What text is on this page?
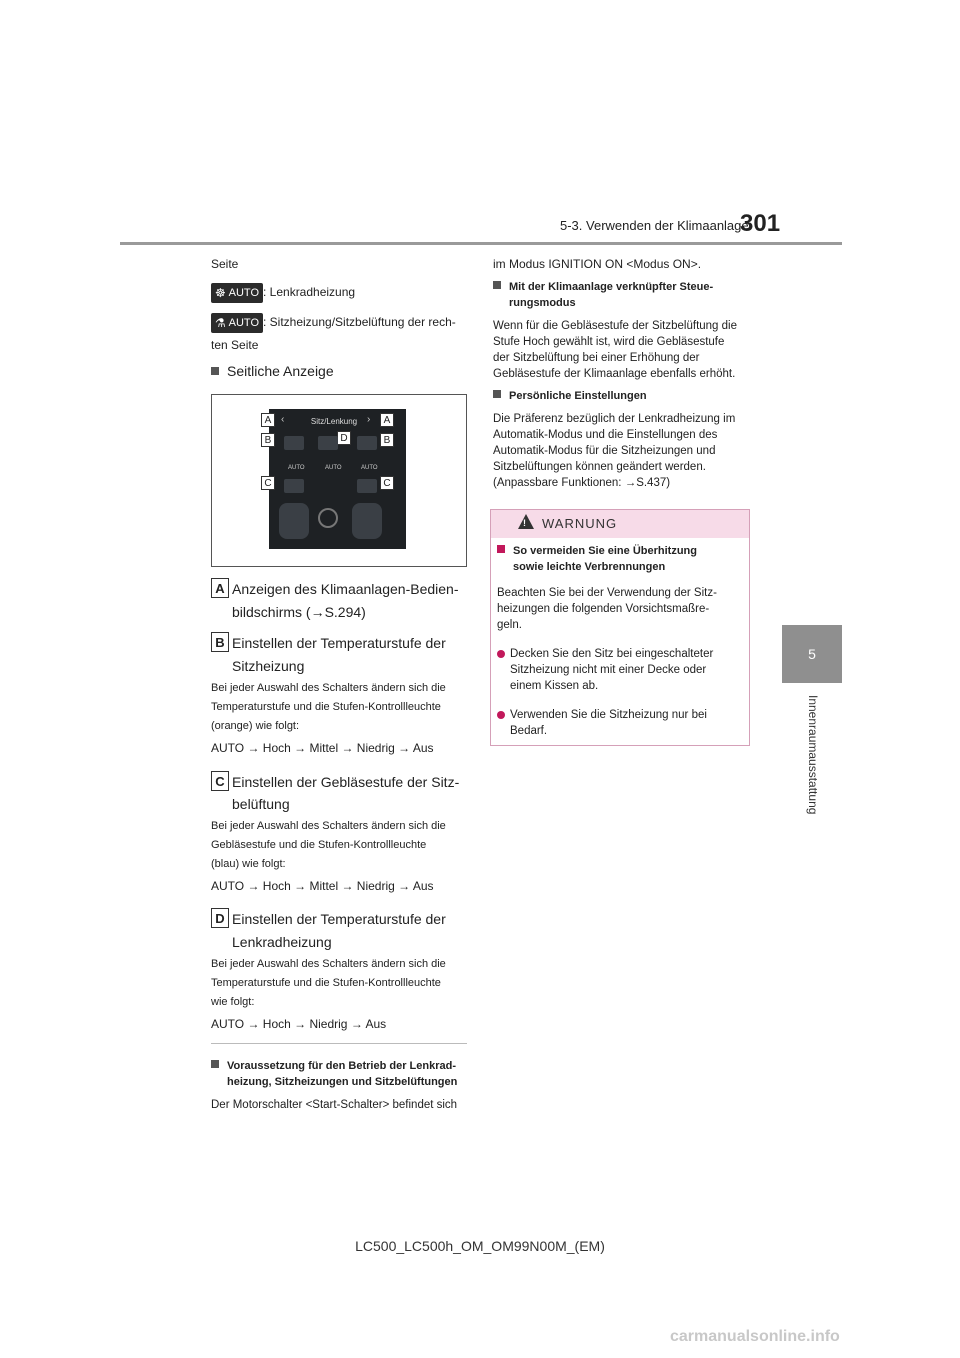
5-3. Verwenden der Klimaanlage
301
5
Innenraumausstattung
Seite
☸ AUTO : Lenkradheizung
⚗ AUTO : Sitzheizung/Sitzbelüftung der rech-
ten Seite
Seitliche Anzeige
Sitz/Lenkung
‹	›
A	A
B	B
D
C	C
AUTO	AUTO	AUTO
A Anzeigen des Klimaanlagen-Bedien-
bildschirms (→S.294)
B Einstellen der Temperaturstufe der
Sitzheizung
Bei jeder Auswahl des Schalters ändern sich die
Temperaturstufe und die Stufen-Kontrollleuchte
(orange) wie folgt:
AUTO → Hoch → Mittel → Niedrig → Aus
C Einstellen der Gebläsestufe der Sitz-
belüftung
Bei jeder Auswahl des Schalters ändern sich die
Gebläsestufe und die Stufen-Kontrollleuchte
(blau) wie folgt:
AUTO → Hoch → Mittel → Niedrig → Aus
D Einstellen der Temperaturstufe der
Lenkradheizung
Bei jeder Auswahl des Schalters ändern sich die
Temperaturstufe und die Stufen-Kontrollleuchte
wie folgt:
AUTO → Hoch → Niedrig → Aus
Voraussetzung für den Betrieb der Lenkrad-
heizung, Sitzheizungen und Sitzbelüftungen
Der Motorschalter <Start-Schalter> befindet sich
im Modus IGNITION ON <Modus ON>.
Mit der Klimaanlage verknüpfter Steue-
rungsmodus
Wenn für die Gebläsestufe der Sitzbelüftung die
Stufe Hoch gewählt ist, wird die Gebläsestufe
der Sitzbelüftung bei einer Erhöhung der
Gebläsestufe der Klimaanlage ebenfalls erhöht.
Persönliche Einstellungen
Die Präferenz bezüglich der Lenkradheizung im
Automatik-Modus und die Einstellungen des
Automatik-Modus für die Sitzheizungen und
Sitzbelüftungen können geändert werden.
(Anpassbare Funktionen: →S.437)
! WARNUNG
So vermeiden Sie eine Überhitzung
sowie leichte Verbrennungen
Beachten Sie bei der Verwendung der Sitz-
heizungen die folgenden Vorsichtsmaßre-
geln.
Decken Sie den Sitz bei eingeschalteter
Sitzheizung nicht mit einer Decke oder
einem Kissen ab.
Verwenden Sie die Sitzheizung nur bei
Bedarf.
LC500_LC500h_OM_OM99N00M_(EM)
carmanualsonline.info
